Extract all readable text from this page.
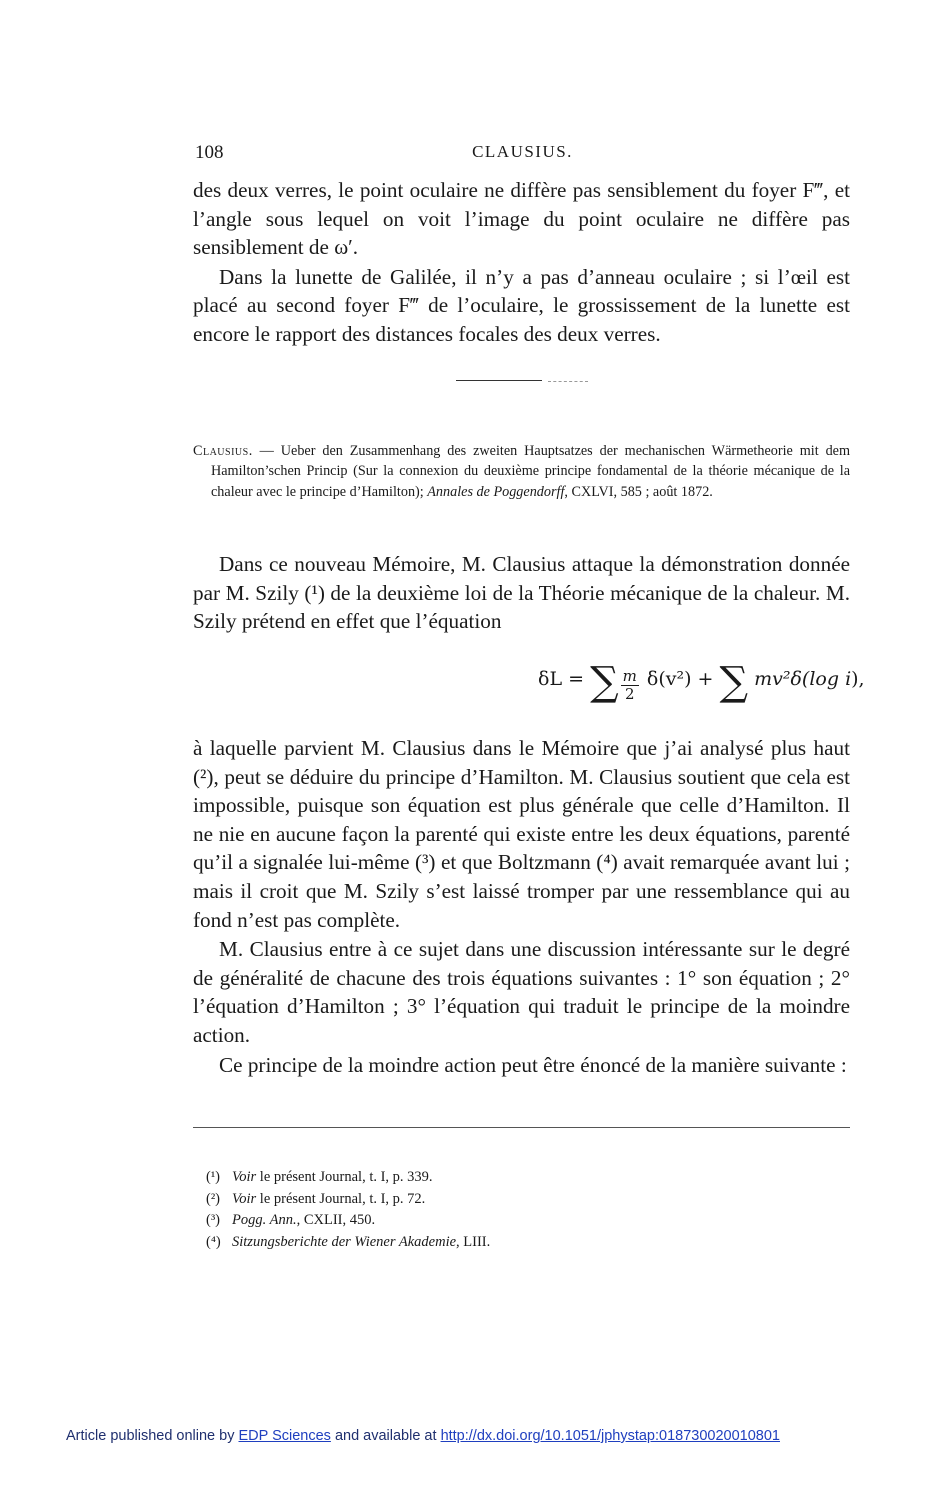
108	CLAUSIUS.

des deux verres, le point oculaire ne diffère pas sensiblement du foyer F‴, et l’angle sous lequel on voit l’image du point oculaire ne diffère pas sensiblement de ω′.

Dans la lunette de Galilée, il n’y a pas d’anneau oculaire ; si l’œil est placé au second foyer F‴ de l’oculaire, le grossissement de la lunette est encore le rapport des distances focales des deux verres.

Clausius. — Ueber den Zusammenhang des zweiten Hauptsatzes der mechanischen Wärmetheorie mit dem Hamilton’schen Princip (Sur la connexion du deuxième principe fondamental de la théorie mécanique de la chaleur avec le principe d’Hamilton); Annales de Poggendorff, CXLVI, 585 ; août 1872.

Dans ce nouveau Mémoire, M. Clausius attaque la démonstration donnée par M. Szily (¹) de la deuxième loi de la Théorie mécanique de la chaleur. M. Szily prétend en effet que l’équation

δL = ∑ $\frac{m}{2} \delta(v^2)$ + ∑ mv²δ(log i),

à laquelle parvient M. Clausius dans le Mémoire que j’ai analysé plus haut (²), peut se déduire du principe d’Hamilton. M. Clausius soutient que cela est impossible, puisque son équation est plus générale que celle d’Hamilton. Il ne nie en aucune façon la parenté qui existe entre les deux équations, parenté qu’il a signalée lui-même (³) et que Boltzmann (⁴) avait remarquée avant lui ; mais il croit que M. Szily s’est laissé tromper par une ressemblance qui au fond n’est pas complète.

M. Clausius entre à ce sujet dans une discussion intéressante sur le degré de généralité de chacune des trois équations suivantes : 1° son équation ; 2° l’équation d’Hamilton ; 3° l’équation qui traduit le principe de la moindre action.

Ce principe de la moindre action peut être énoncé de la manière suivante :

(¹) Voir le présent Journal, t. I, p. 339.

(²) Voir le présent Journal, t. I, p. 72.

(³) Pogg. Ann., CXLII, 450.

(⁴) Sitzungsberichte der Wiener Akademie, LIII.

Article published online by EDP Sciences and available at http://dx.doi.org/10.1051/jphystap:018730020010801
